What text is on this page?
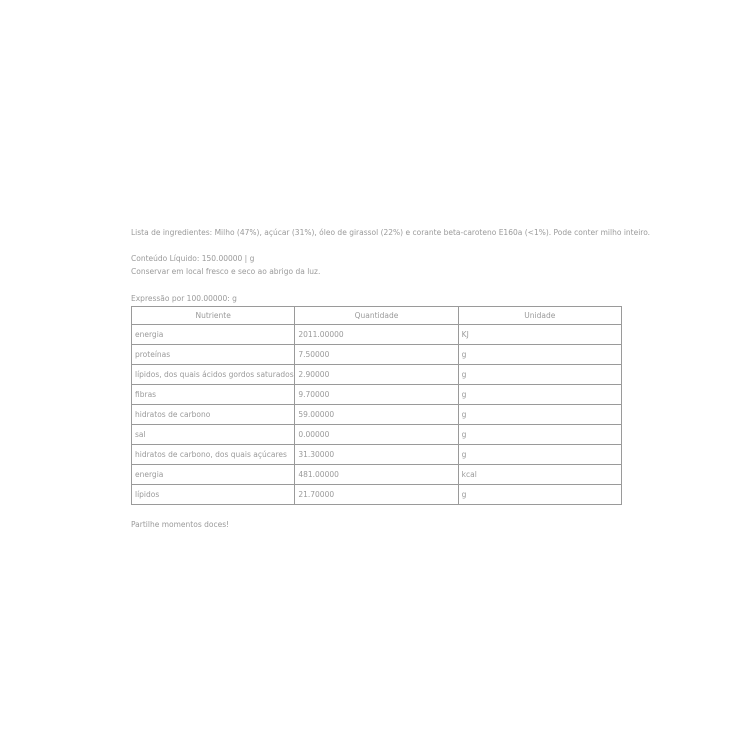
Lista de ingredientes: Milho (47%), açúcar (31%), óleo de girassol (22%) e corante beta-caroteno E160a (<1%). Pode conter milho inteiro.
Conteúdo Líquido: 150.00000 | g
Conservar em local fresco e seco ao abrigo da luz.
Expressão por 100.00000: g
Nutriente	Quantidade	Unidade
energia	2011.00000	KJ
proteínas	7.50000	g
lípidos, dos quais ácidos gordos saturados	2.90000	g
fibras	9.70000	g
hidratos de carbono	59.00000	g
sal	0.00000	g
hidratos de carbono, dos quais açúcares	31.30000	g
energia	481.00000	kcal
lípidos	21.70000	g
Partilhe momentos doces!
